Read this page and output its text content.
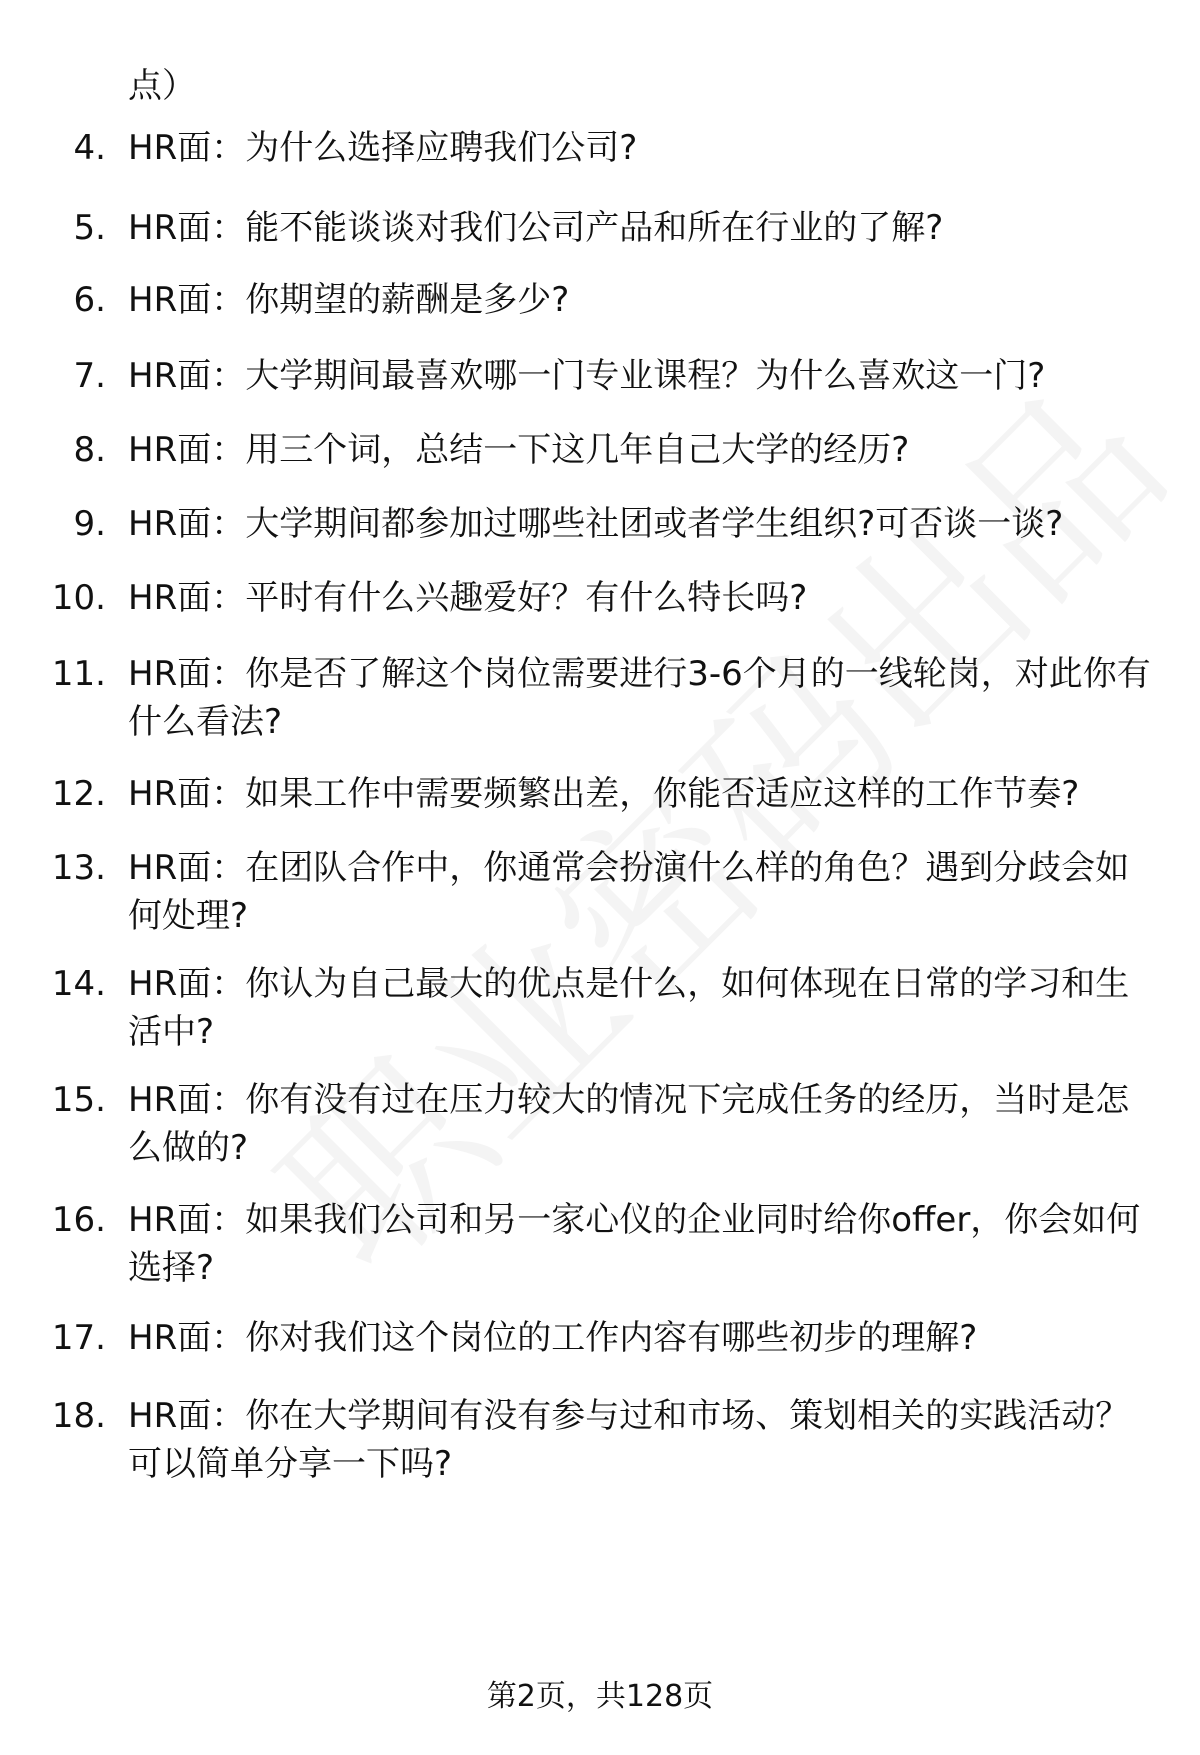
点）
4. HR面：为什么选择应聘我们公司?
5. HR面：能不能谈谈对我们公司产品和所在行业的了解?
6. HR面：你期望的薪酬是多少?
7. HR面：大学期间最喜欢哪一门专业课程？为什么喜欢这一门?
8. HR面：用三个词，总结一下这几年自己大学的经历?
9. HR面：大学期间都参加过哪些社团或者学生组织?可否谈一谈?
10. HR面：平时有什么兴趣爱好？有什么特长吗?
11. HR面：你是否了解这个岗位需要进行3-6个月的一线轮岗，对此你有什么看法?
12. HR面：如果工作中需要频繁出差，你能否适应这样的工作节奏?
13. HR面：在团队合作中，你通常会扮演什么样的角色？遇到分歧会如何处理?
14. HR面：你认为自己最大的优点是什么，如何体现在日常的学习和生活中?
15. HR面：你有没有过在压力较大的情况下完成任务的经历，当时是怎么做的?
16. HR面：如果我们公司和另一家心仪的企业同时给你offer，你会如何选择?
17. HR面：你对我们这个岗位的工作内容有哪些初步的理解?
18. HR面：你在大学期间有没有参与过和市场、策划相关的实践活动？可以简单分享一下吗?
第2页，共128页
